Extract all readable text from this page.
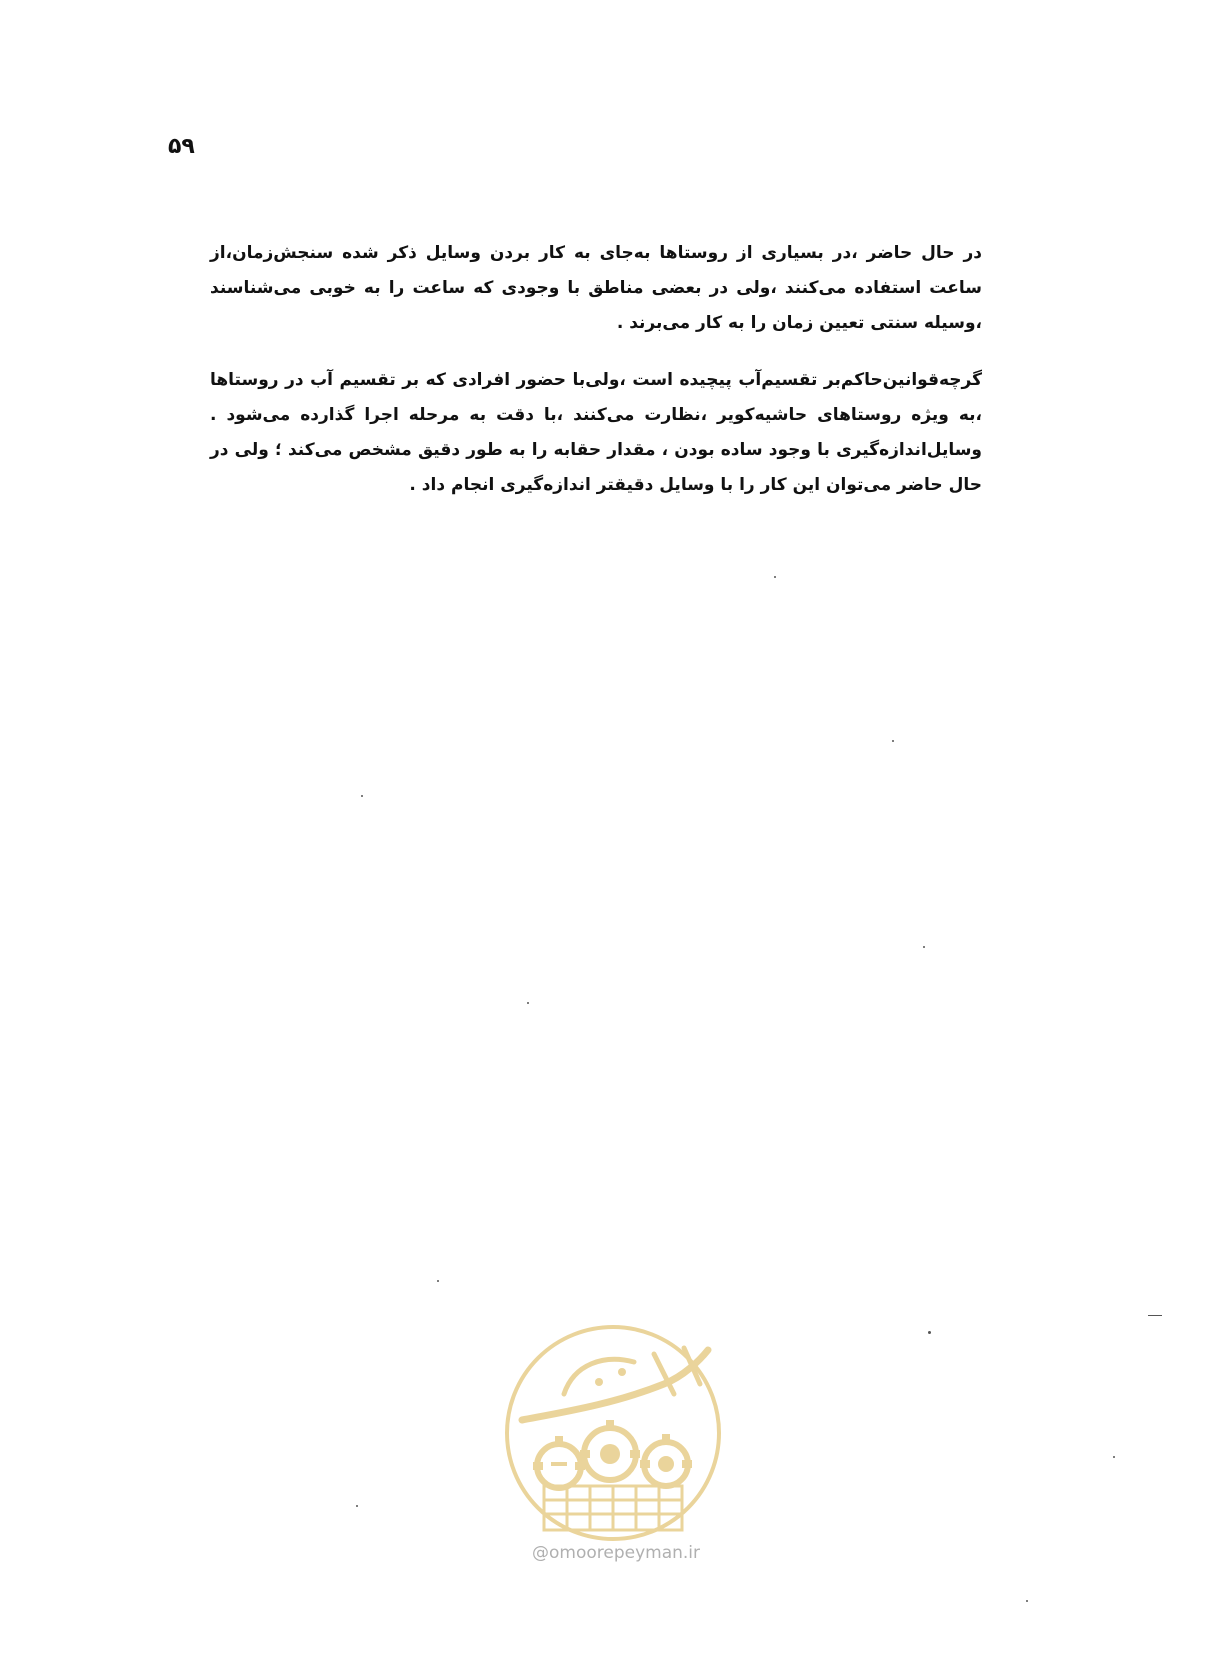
۵۹

در حال حاضر ،در بسیاری از روستاها به‌جای به کار بردن وسایل ذکر شده سنجش‌زمان،از ساعت استفاده می‌کنند ،ولی در بعضی مناطق با وجودی که ساعت را به خوبی می‌شناسند ،وسیله سنتی تعیین زمان را به کار می‌برند .

گرچه‌قوانین‌حاکم‌بر تقسیم‌آب پیچیده است ،ولی‌با حضور افرادی که بر تقسیم آب در روستاها ،به ویژه روستاهای حاشیه‌کویر ،نظارت می‌کنند ،با دقت به مرحله اجرا گذارده می‌شود . وسایل‌اندازه‌گیری با وجود ساده بودن ، مقدار حقابه را به طور دقیق مشخص می‌کند ؛ ولی در حال حاضر می‌توان این کار را با وسایل دقیقتر اندازه‌گیری انجام داد .

@omoorepeyman.ir
